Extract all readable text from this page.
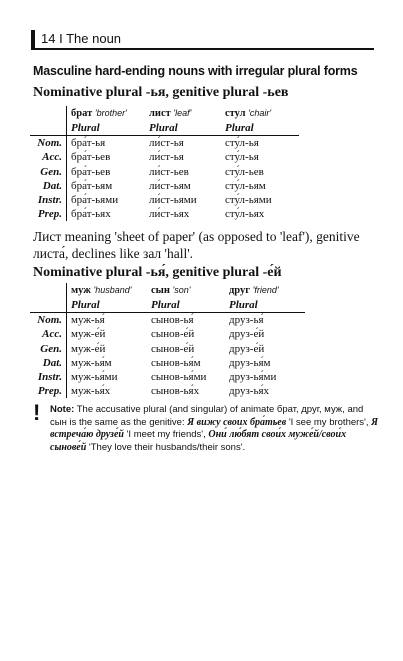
14 I The noun
Masculine hard-ending nouns with irregular plural forms
Nominative plural -ья, genitive plural -ьев
	брат 'brother'	лист 'leaf'	стул 'chair'
	Plural	Plural	Plural
Nom.	бра́т-ья	ли́ст-ья	сту́л-ья
Acc.	бра́т-ьев	ли́ст-ья	сту́л-ья
Gen.	бра́т-ьев	ли́ст-ьев	сту́л-ьев
Dat.	бра́т-ьям	ли́ст-ьям	сту́л-ьям
Instr.	бра́т-ьями	ли́ст-ьями	сту́л-ьями
Prep.	бра́т-ьях	ли́ст-ьях	сту́л-ьях
Лист meaning 'sheet of paper' (as opposed to 'leaf'), genitive листа́, declines like зал 'hall'.
Nominative plural -ья́, genitive plural -е́й
	муж 'husband'	сын 'son'	друг 'friend'
	Plural	Plural	Plural
Nom.	муж-ья́	сынов-ья́	друз-ья́
Acc.	муж-е́й	сынов-е́й	друз-е́й
Gen.	муж-е́й	сынов-е́й	друз-е́й
Dat.	муж-ья́м	сынов-ья́м	друз-ья́м
Instr.	муж-ья́ми	сынов-ья́ми	друз-ья́ми
Prep.	муж-ья́х	сынов-ья́х	друз-ья́х
! Note: The accusative plural (and singular) of animate брат, друг, муж, and сын is the same as the genitive: Я вижу своих бра́тьев 'I see my brothers', Я встреча́ю друзе́й 'I meet my friends', Они́ лю́бят свои́х муже́й/свои́х сынове́й 'They love their husbands/their sons'.
